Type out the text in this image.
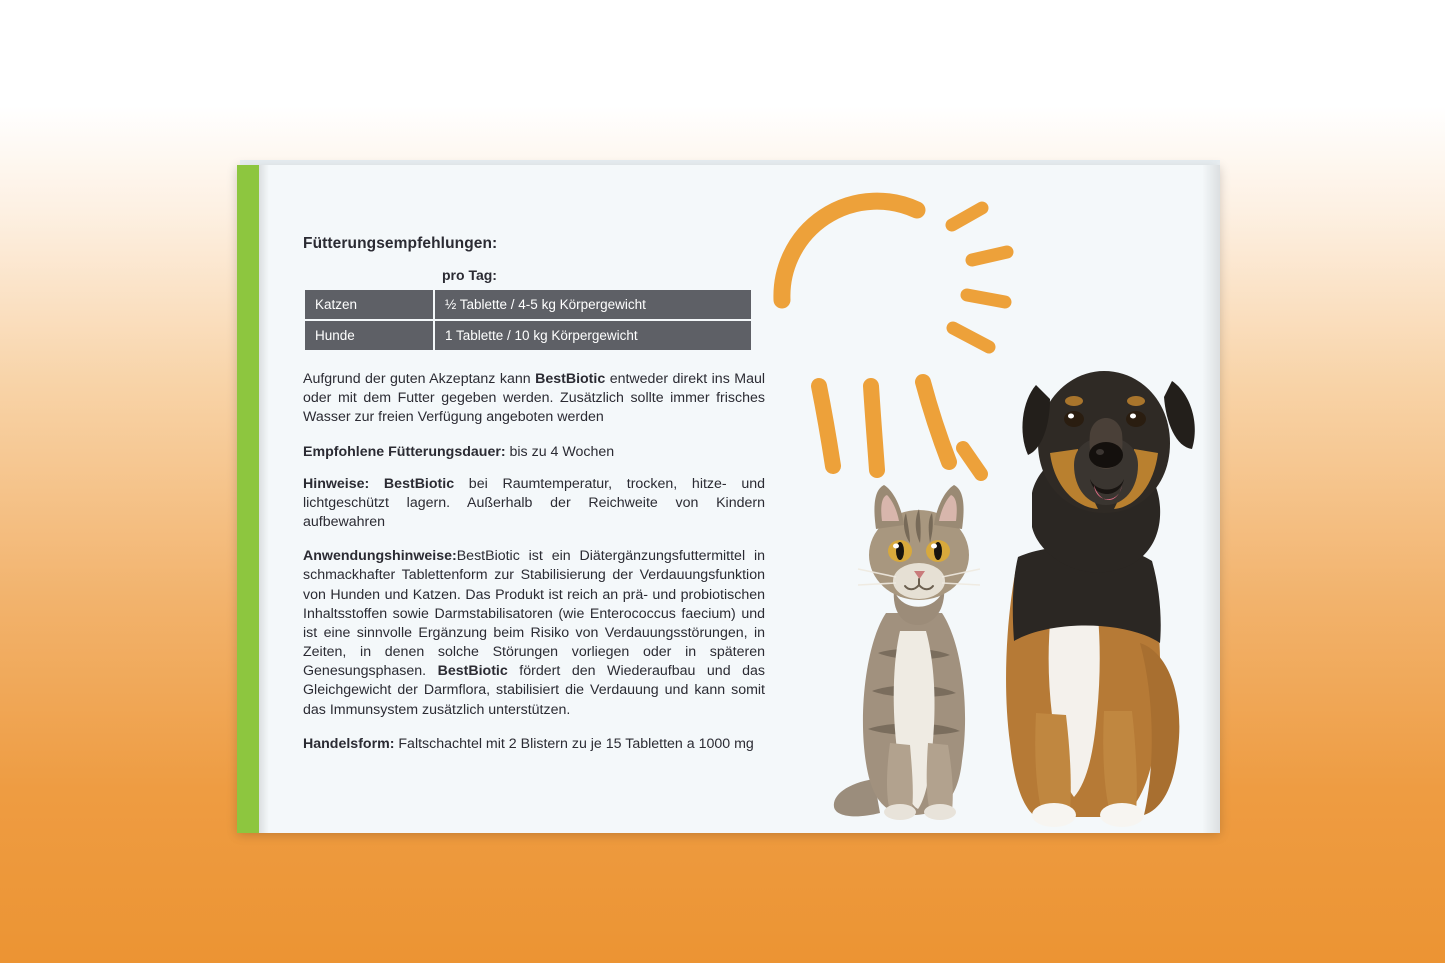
Fütterungsempfehlungen:
	pro Tag:
Katzen	½ Tablette / 4-5 kg Körpergewicht
Hunde	1 Tablette / 10 kg Körpergewicht

Aufgrund der guten Akzeptanz kann BestBiotic entweder direkt ins Maul oder mit dem Futter gegeben werden. Zusätzlich sollte immer frisches Wasser zur freien Verfügung angeboten werden

Empfohlene Fütterungsdauer: bis zu 4 Wochen

Hinweise: BestBiotic bei Raumtemperatur, trocken, hitze- und lichtgeschützt lagern. Außerhalb der Reichweite von Kindern aufbewahren

Anwendungshinweise:BestBiotic ist ein Diätergänzungsfuttermittel in schmackhafter Tablettenform zur Stabilisierung der Verdauungsfunktion von Hunden und Katzen. Das Produkt ist reich an prä- und probiotischen Inhaltsstoffen sowie Darmstabilisatoren (wie Enterococcus faecium) und ist eine sinnvolle Ergänzung beim Risiko von Verdauungsstörungen, in Zeiten, in denen solche Störungen vorliegen oder in späteren Genesungsphasen. BestBiotic fördert den Wiederaufbau und das Gleichgewicht der Darmflora, stabilisiert die Verdauung und kann somit das Immunsystem zusätzlich unterstützen.

Handelsform: Faltschachtel mit 2 Blistern zu je 15 Tabletten a 1000 mg
